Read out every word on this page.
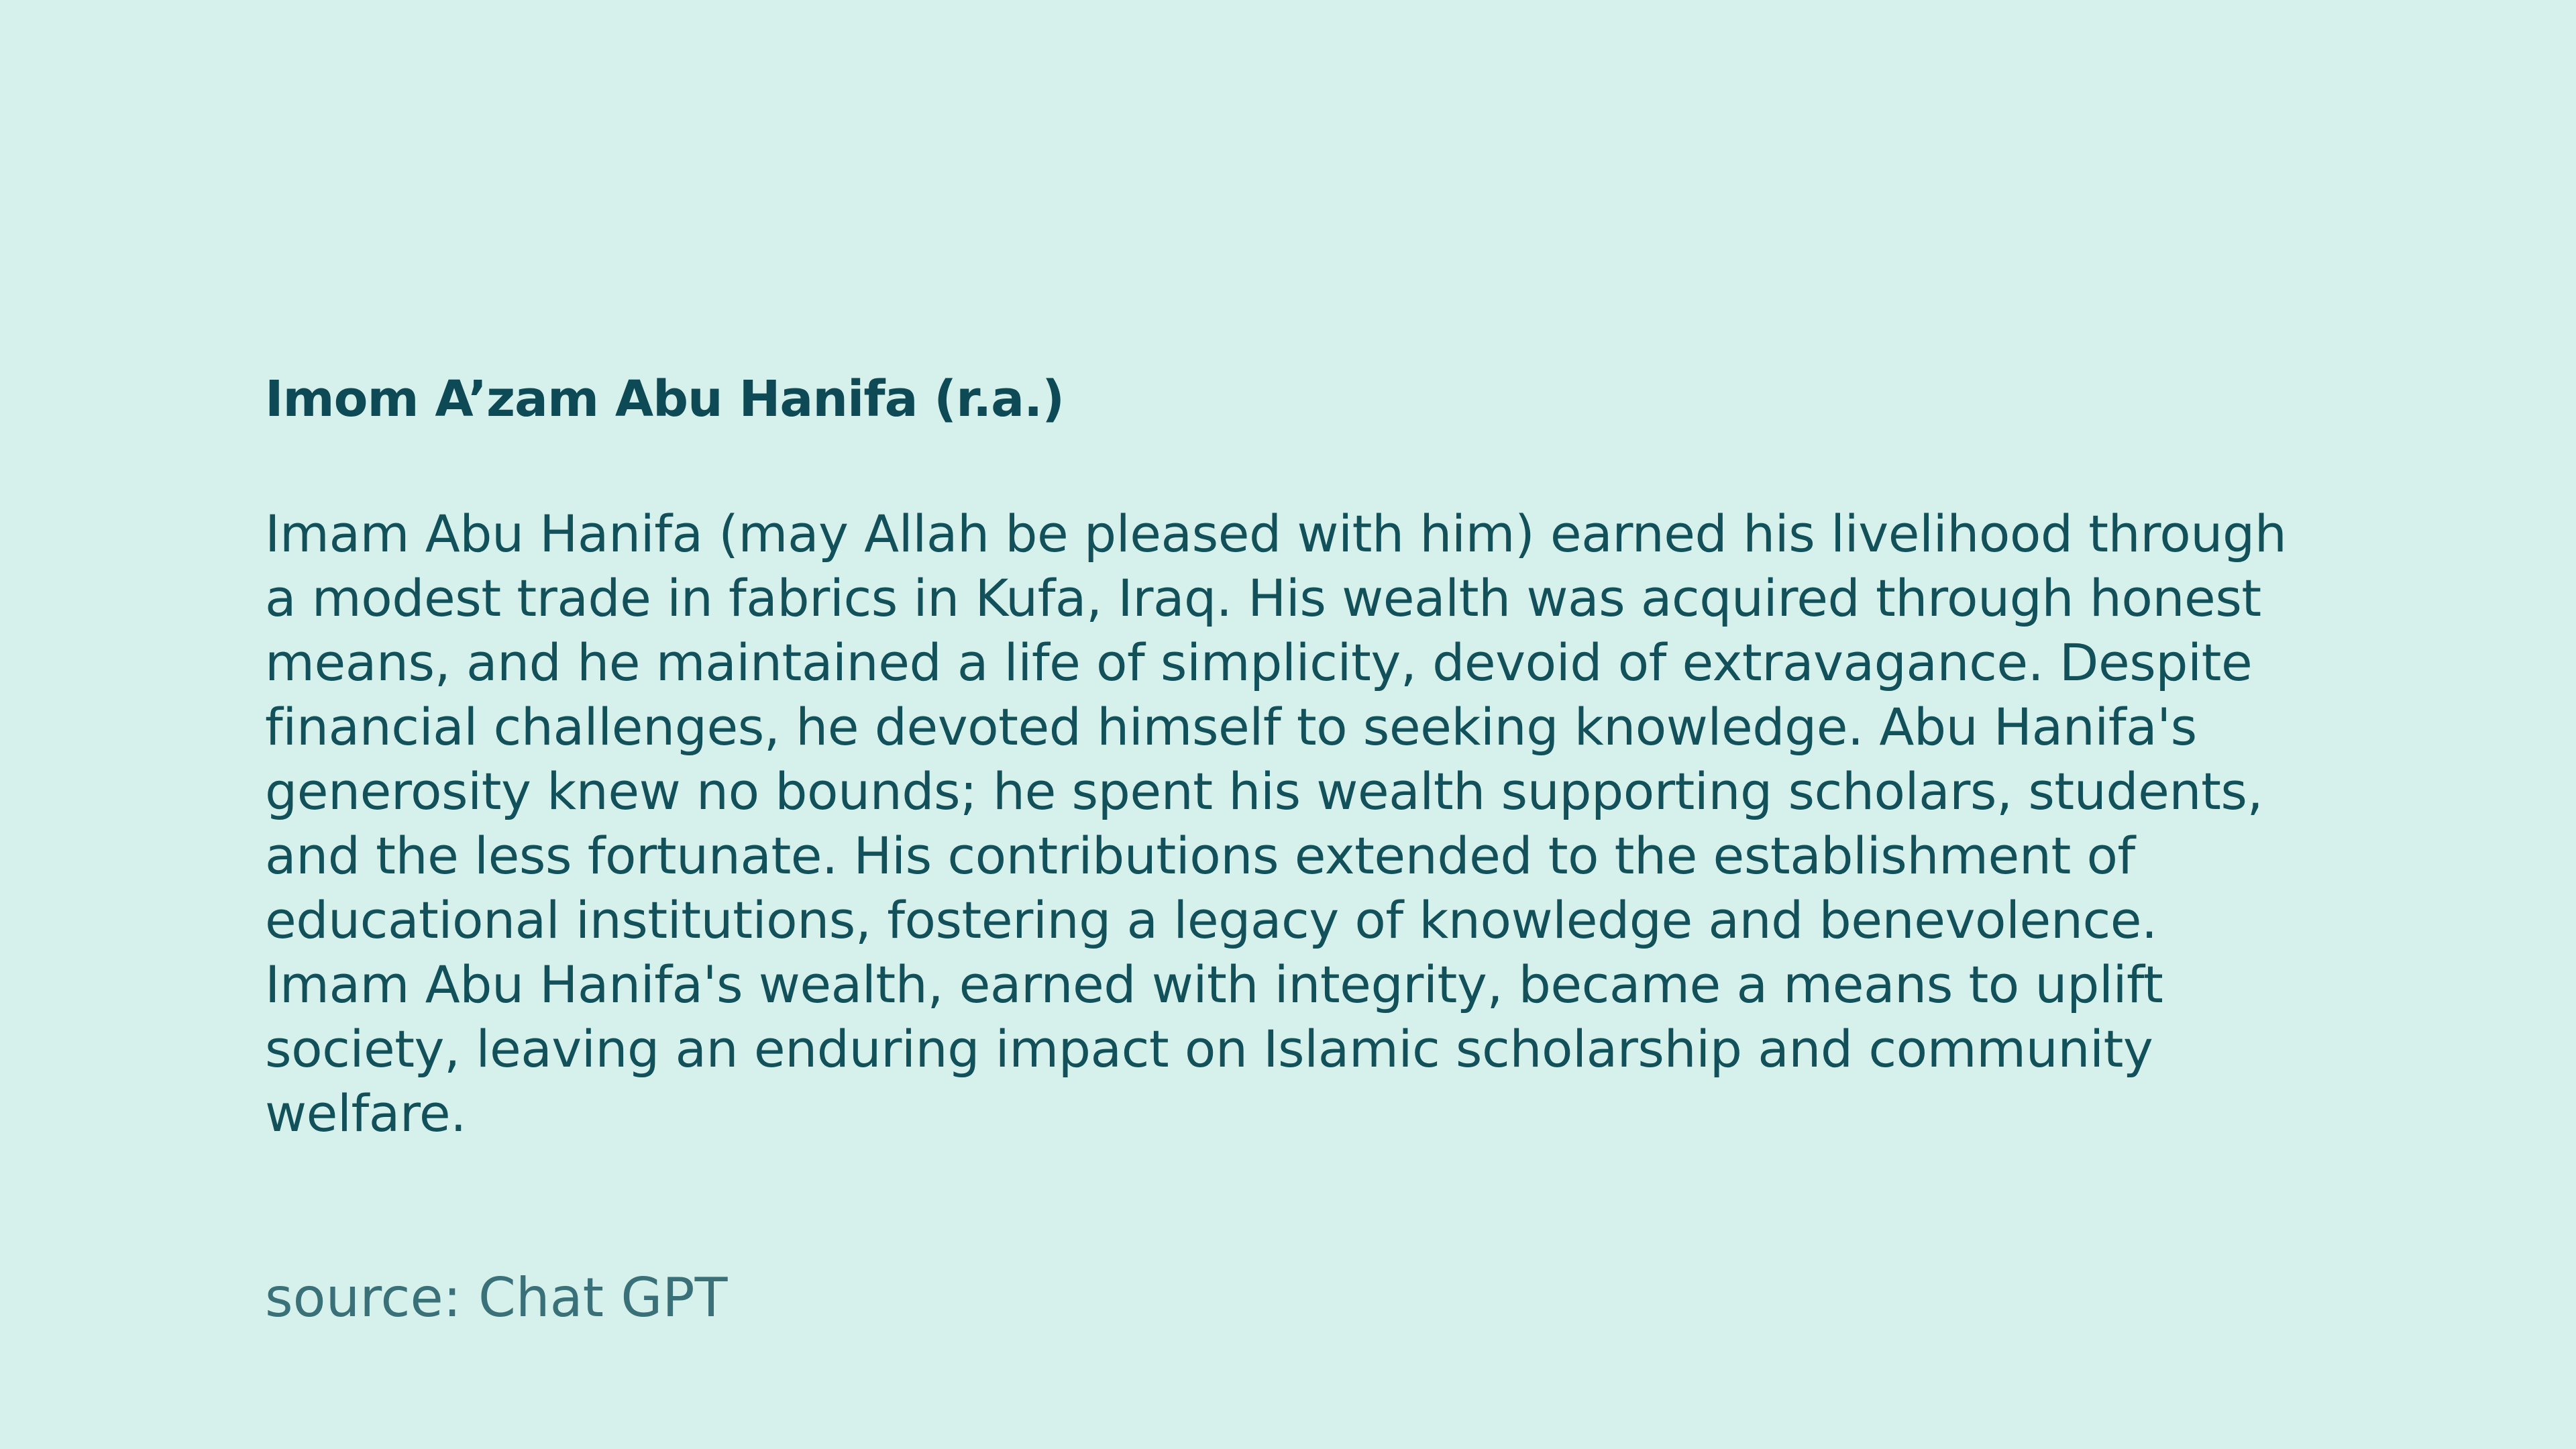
Imom A’zam Abu Hanifa (r.a.)

Imam Abu Hanifa (may Allah be pleased with him) earned his livelihood through a modest trade in fabrics in Kufa, Iraq. His wealth was acquired through honest means, and he maintained a life of simplicity, devoid of extravagance. Despite financial challenges, he devoted himself to seeking knowledge. Abu Hanifa's generosity knew no bounds; he spent his wealth supporting scholars, students, and the less fortunate. His contributions extended to the establishment of educational institutions, fostering a legacy of knowledge and benevolence. Imam Abu Hanifa's wealth, earned with integrity, became a means to uplift society, leaving an enduring impact on Islamic scholarship and community welfare.

source: Chat GPT
